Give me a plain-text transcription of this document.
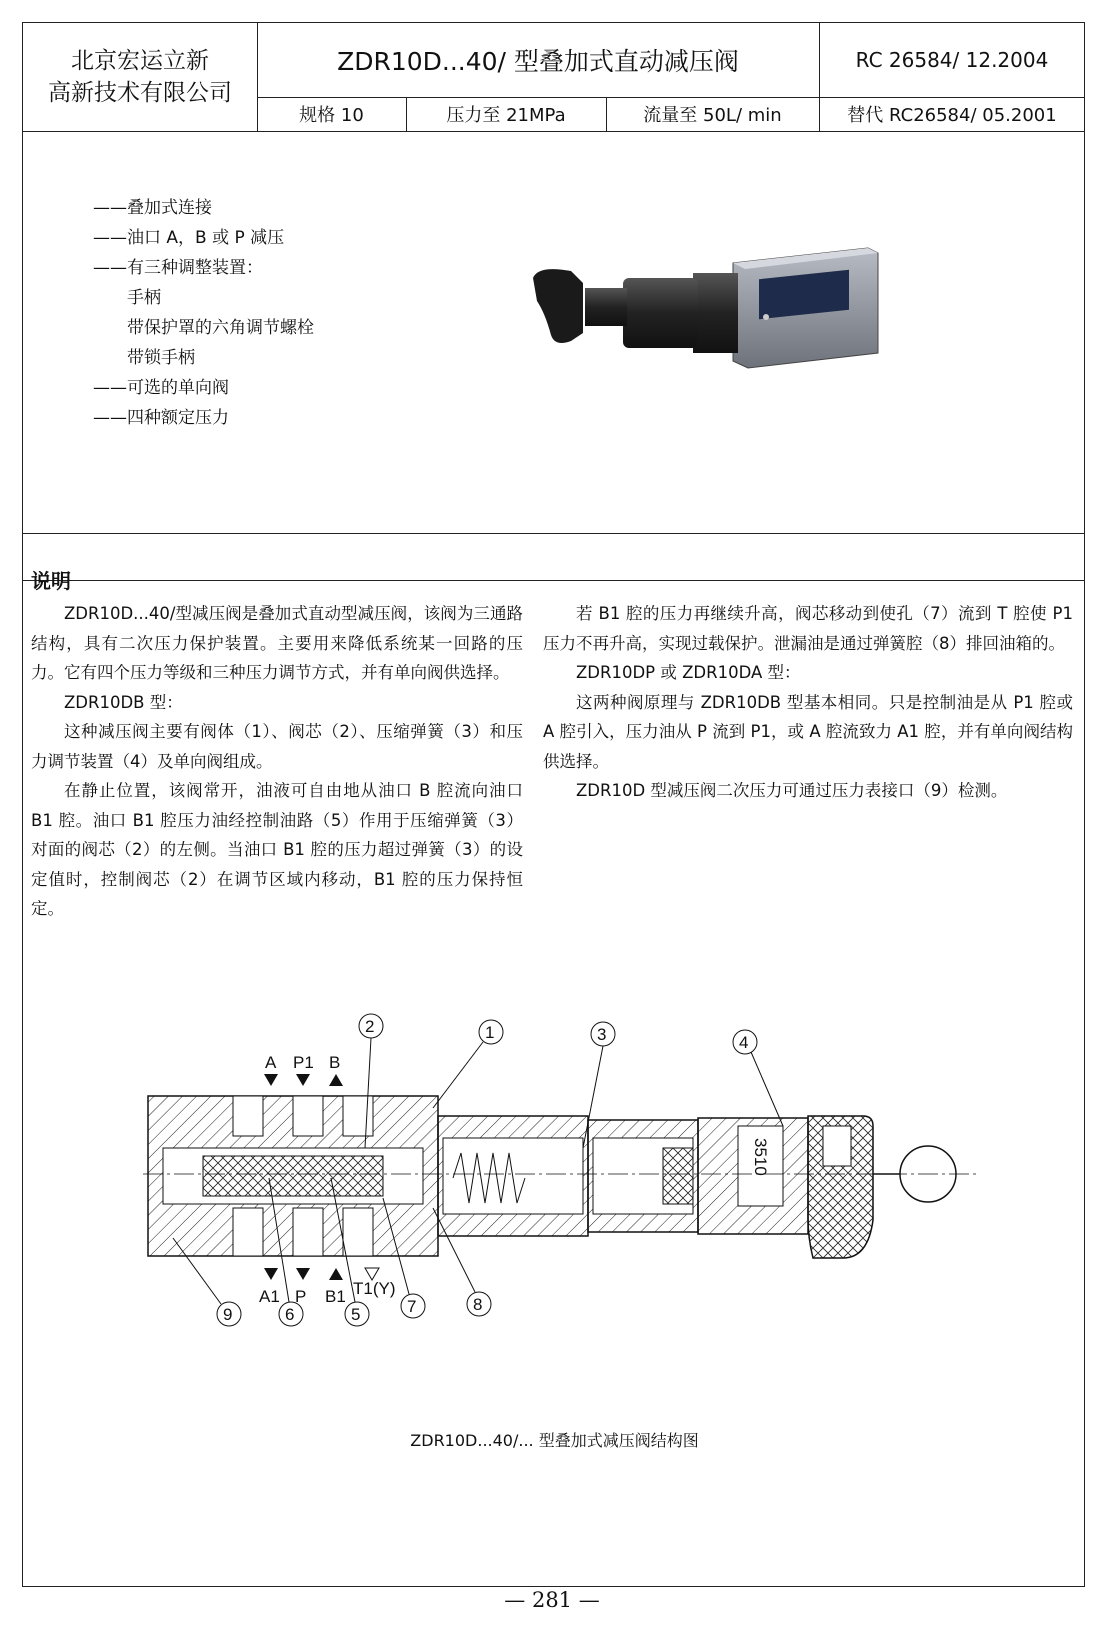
北京宏运立新
高新技术有限公司
ZDR10D...40/ 型叠加式直动减压阀	RC 26584/ 12.2004
规格 10	压力至 21MPa	流量至 50L/ min	替代 RC26584/ 05.2001
——叠加式连接
——油口 A，B 或 P 减压
——有三种调整装置：
手柄
带保护罩的六角调节螺栓
带锁手柄
——可选的单向阀
——四种额定压力
说明

ZDR10D...40/型减压阀是叠加式直动型减压阀，该阀为三通路结构，具有二次压力保护装置。主要用来降低系统某一回路的压力。它有四个压力等级和三种压力调节方式，并有单向阀供选择。

ZDR10DB 型：

这种减压阀主要有阀体（1）、阀芯（2）、压缩弹簧（3）和压力调节装置（4）及单向阀组成。

在静止位置，该阀常开，油液可自由地从油口 B 腔流向油口 B1 腔。油口 B1 腔压力油经控制油路（5）作用于压缩弹簧（3）对面的阀芯（2）的左侧。当油口 B1 腔的压力超过弹簧（3）的设定值时，控制阀芯（2）在调节区域内移动，B1 腔的压力保持恒定。

若 B1 腔的压力再继续升高，阀芯移动到使孔（7）流到 T 腔使 P1 压力不再升高，实现过载保护。泄漏油是通过弹簧腔（8）排回油箱的。

ZDR10DP 或 ZDR10DA 型：

这两种阀原理与 ZDR10DB 型基本相同。只是控制油是从 P1 腔或 A 腔引入，压力油从 P 流到 P1，或 A 腔流致力 A1 腔，并有单向阀结构供选择。

ZDR10D 型减压阀二次压力可通过压力表接口（9）检测。

3510
A P1 B
A1 P B1 T1(Y)
2	1	3	4
9	6	5	7	8
ZDR10D...40/... 型叠加式减压阀结构图
— 281 —
